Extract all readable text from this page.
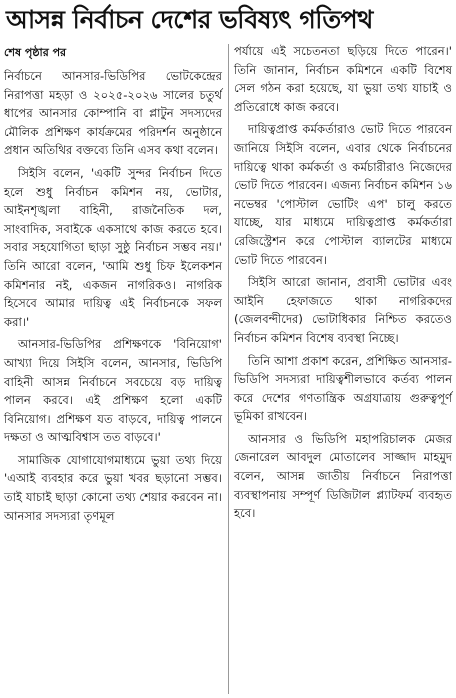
আসন্ন নির্বাচন দেশের ভবিষ্যৎ গতিপথ
শেষ পৃষ্ঠার পর

নির্বাচনে আনসার-ভিডিপির ভোটকেন্দ্রের নিরাপত্তা মহড়া ও ২০২৫-২০২৬ সালের চতুর্থ ধাপের আনসার কোম্পানি বা প্লাটুন সদস্যদের মৌলিক প্রশিক্ষণ কার্যক্রমের পরিদর্শন অনুষ্ঠানে প্রধান অতিথির বক্তব্যে তিনি এসব কথা বলেন।

সিইসি বলেন, 'একটি সুন্দর নির্বাচন দিতে হলে শুধু নির্বাচন কমিশন নয়, ভোটার, আইনশৃঙ্খলা বাহিনী, রাজনৈতিক দল, সাংবাদিক, সবাইকে একসাথে কাজ করতে হবে। সবার সহযোগিতা ছাড়া সুষ্ঠু নির্বাচন সম্ভব নয়।' তিনি আরো বলেন, 'আমি শুধু চিফ ইলেকশন কমিশনার নই, একজন নাগরিকও। নাগরিক হিসেবে আমার দায়িত্ব এই নির্বাচনকে সফল করা।'

আনসার-ভিডিপির প্রশিক্ষণকে 'বিনিয়োগ' আখ্যা দিয়ে সিইসি বলেন, আনসার, ভিডিপি বাহিনী আসন্ন নির্বাচনে সবচেয়ে বড় দায়িত্ব পালন করবে। এই প্রশিক্ষণ হলো একটি বিনিয়োগ। প্রশিক্ষণ যত বাড়বে, দায়িত্ব পালনে দক্ষতা ও আত্মবিশ্বাস তত বাড়বে।'

সামাজিক যোগাযোগমাধ্যমে ভুয়া তথ্য দিয়ে 'এআই ব্যবহার করে ভুয়া খবর ছড়ানো সম্ভব। তাই যাচাই ছাড়া কোনো তথ্য শেয়ার করবেন না। আনসার সদস্যরা তৃণমূল

পর্যায়ে এই সচেতনতা ছড়িয়ে দিতে পারেন।' তিনি জানান, নির্বাচন কমিশনে একটি বিশেষ সেল গঠন করা হয়েছে, যা ভুয়া তথ্য যাচাই ও প্রতিরোধে কাজ করবে।

দায়িত্বপ্রাপ্ত কর্মকর্তারাও ভোট দিতে পারবেন জানিয়ে সিইসি বলেন, এবার থেকে নির্বাচনের দায়িত্বে থাকা কর্মকর্তা ও কর্মচারীরাও নিজেদের ভোট দিতে পারবেন। এজন্য নির্বাচন কমিশন ১৬ নভেম্বর 'পোস্টাল ভোটিং এপ' চালু করতে যাচ্ছে, যার মাধ্যমে দায়িত্বপ্রাপ্ত কর্মকর্তারা রেজিস্ট্রেশন করে পোস্টাল ব্যালটের মাধ্যমে ভোট দিতে পারবেন।

সিইসি আরো জানান, প্রবাসী ভোটার এবং আইনি হেফাজতে থাকা নাগরিকদের (জেলবন্দীদের) ভোটাধিকার নিশ্চিত করতেও নির্বাচন কমিশন বিশেষ ব্যবস্থা নিচ্ছে।

তিনি আশা প্রকাশ করেন, প্রশিক্ষিত আনসার-ভিডিপি সদস্যরা দায়িত্বশীলভাবে কর্তব্য পালন করে দেশের গণতান্ত্রিক অগ্রযাত্রায় গুরুত্বপূর্ণ ভূমিকা রাখবেন।

আনসার ও ভিডিপি মহাপরিচালক মেজর জেনারেল আবদুল মোতালেব সাজ্জাদ মাহমুদ বলেন, আসন্ন জাতীয় নির্বাচনে নিরাপত্তা ব্যবস্থাপনায় সম্পূর্ণ ডিজিটাল প্ল্যাটফর্ম ব্যবহৃত হবে।
